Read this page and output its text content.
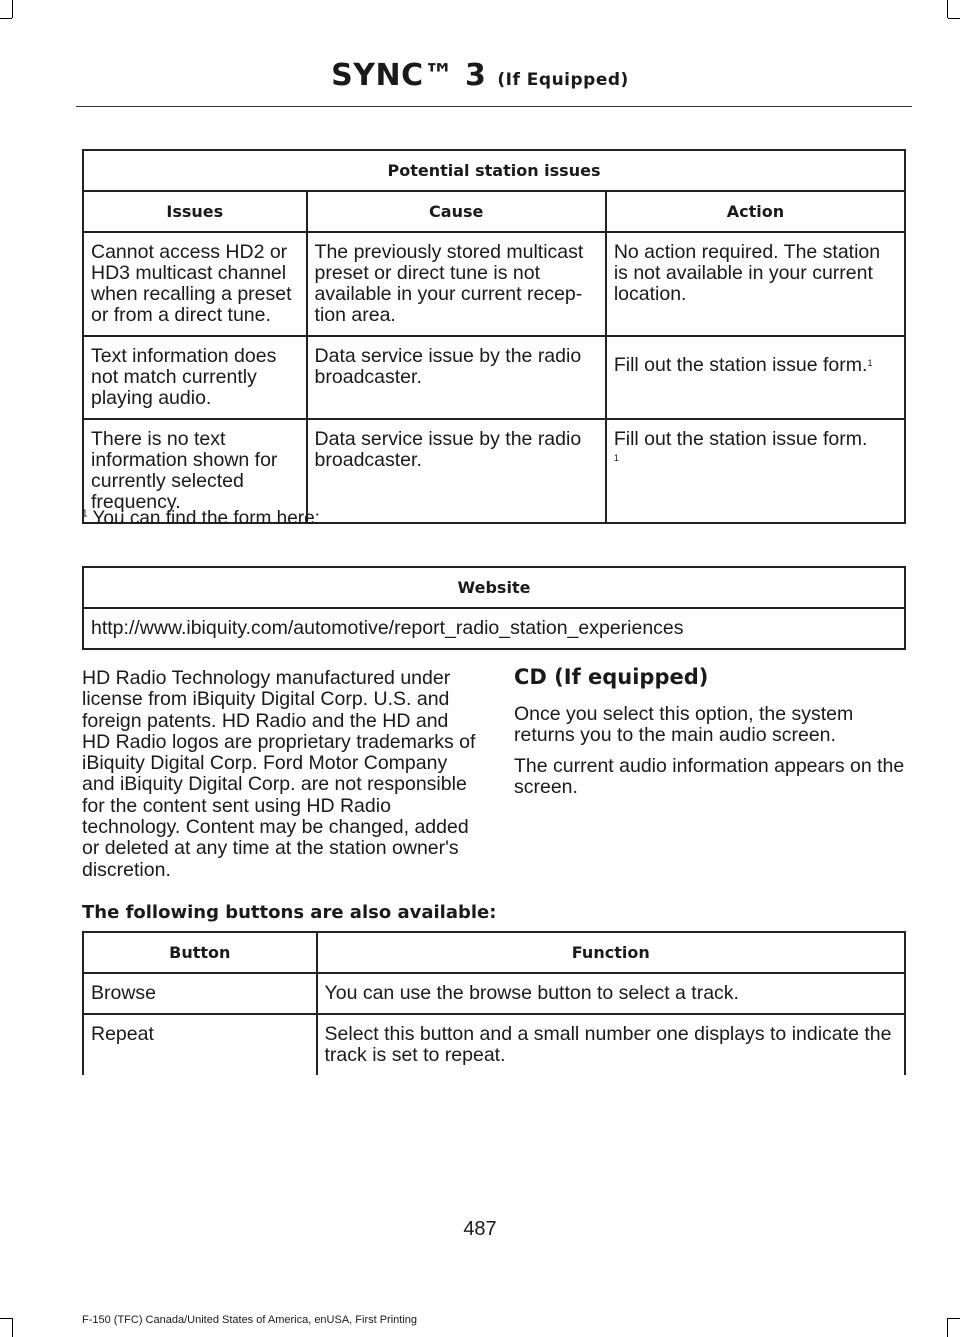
SYNC™ 3 (If Equipped)
Potential station issues		
Issues	Cause	Action
Cannot access HD2 or HD3 multicast channel when recalling a preset or from a direct tune.	The previously stored multicast preset or direct tune is not available in your current recep-tion area.	No action required. The station is not available in your current location.
Text information does not match currently playing audio.	Data service issue by the radio broadcaster.	Fill out the station issue form.$^1$
There is no text information shown for currently selected frequency.	Data service issue by the radio broadcaster.	Fill out the station issue form.
$^1$
$^1$ You can find the form here:
Website
http://www.ibiquity.com/automotive/report_radio_station_experiences

HD Radio Technology manufactured under license from iBiquity Digital Corp. U.S. and foreign patents. HD Radio and the HD and HD Radio logos are proprietary trademarks of iBiquity Digital Corp. Ford Motor Company and iBiquity Digital Corp. are not responsible for the content sent using HD Radio technology. Content may be changed, added or deleted at any time at the station owner's discretion.

CD (If equipped)

Once you select this option, the system returns you to the main audio screen.

The current audio information appears on the screen.

The following buttons are also available:
Button	Function
Browse	You can use the browse button to select a track.
Repeat	Select this button and a small number one displays to indicate the track is set to repeat.
487
F-150 (TFC) Canada/United States of America, enUSA, First Printing
